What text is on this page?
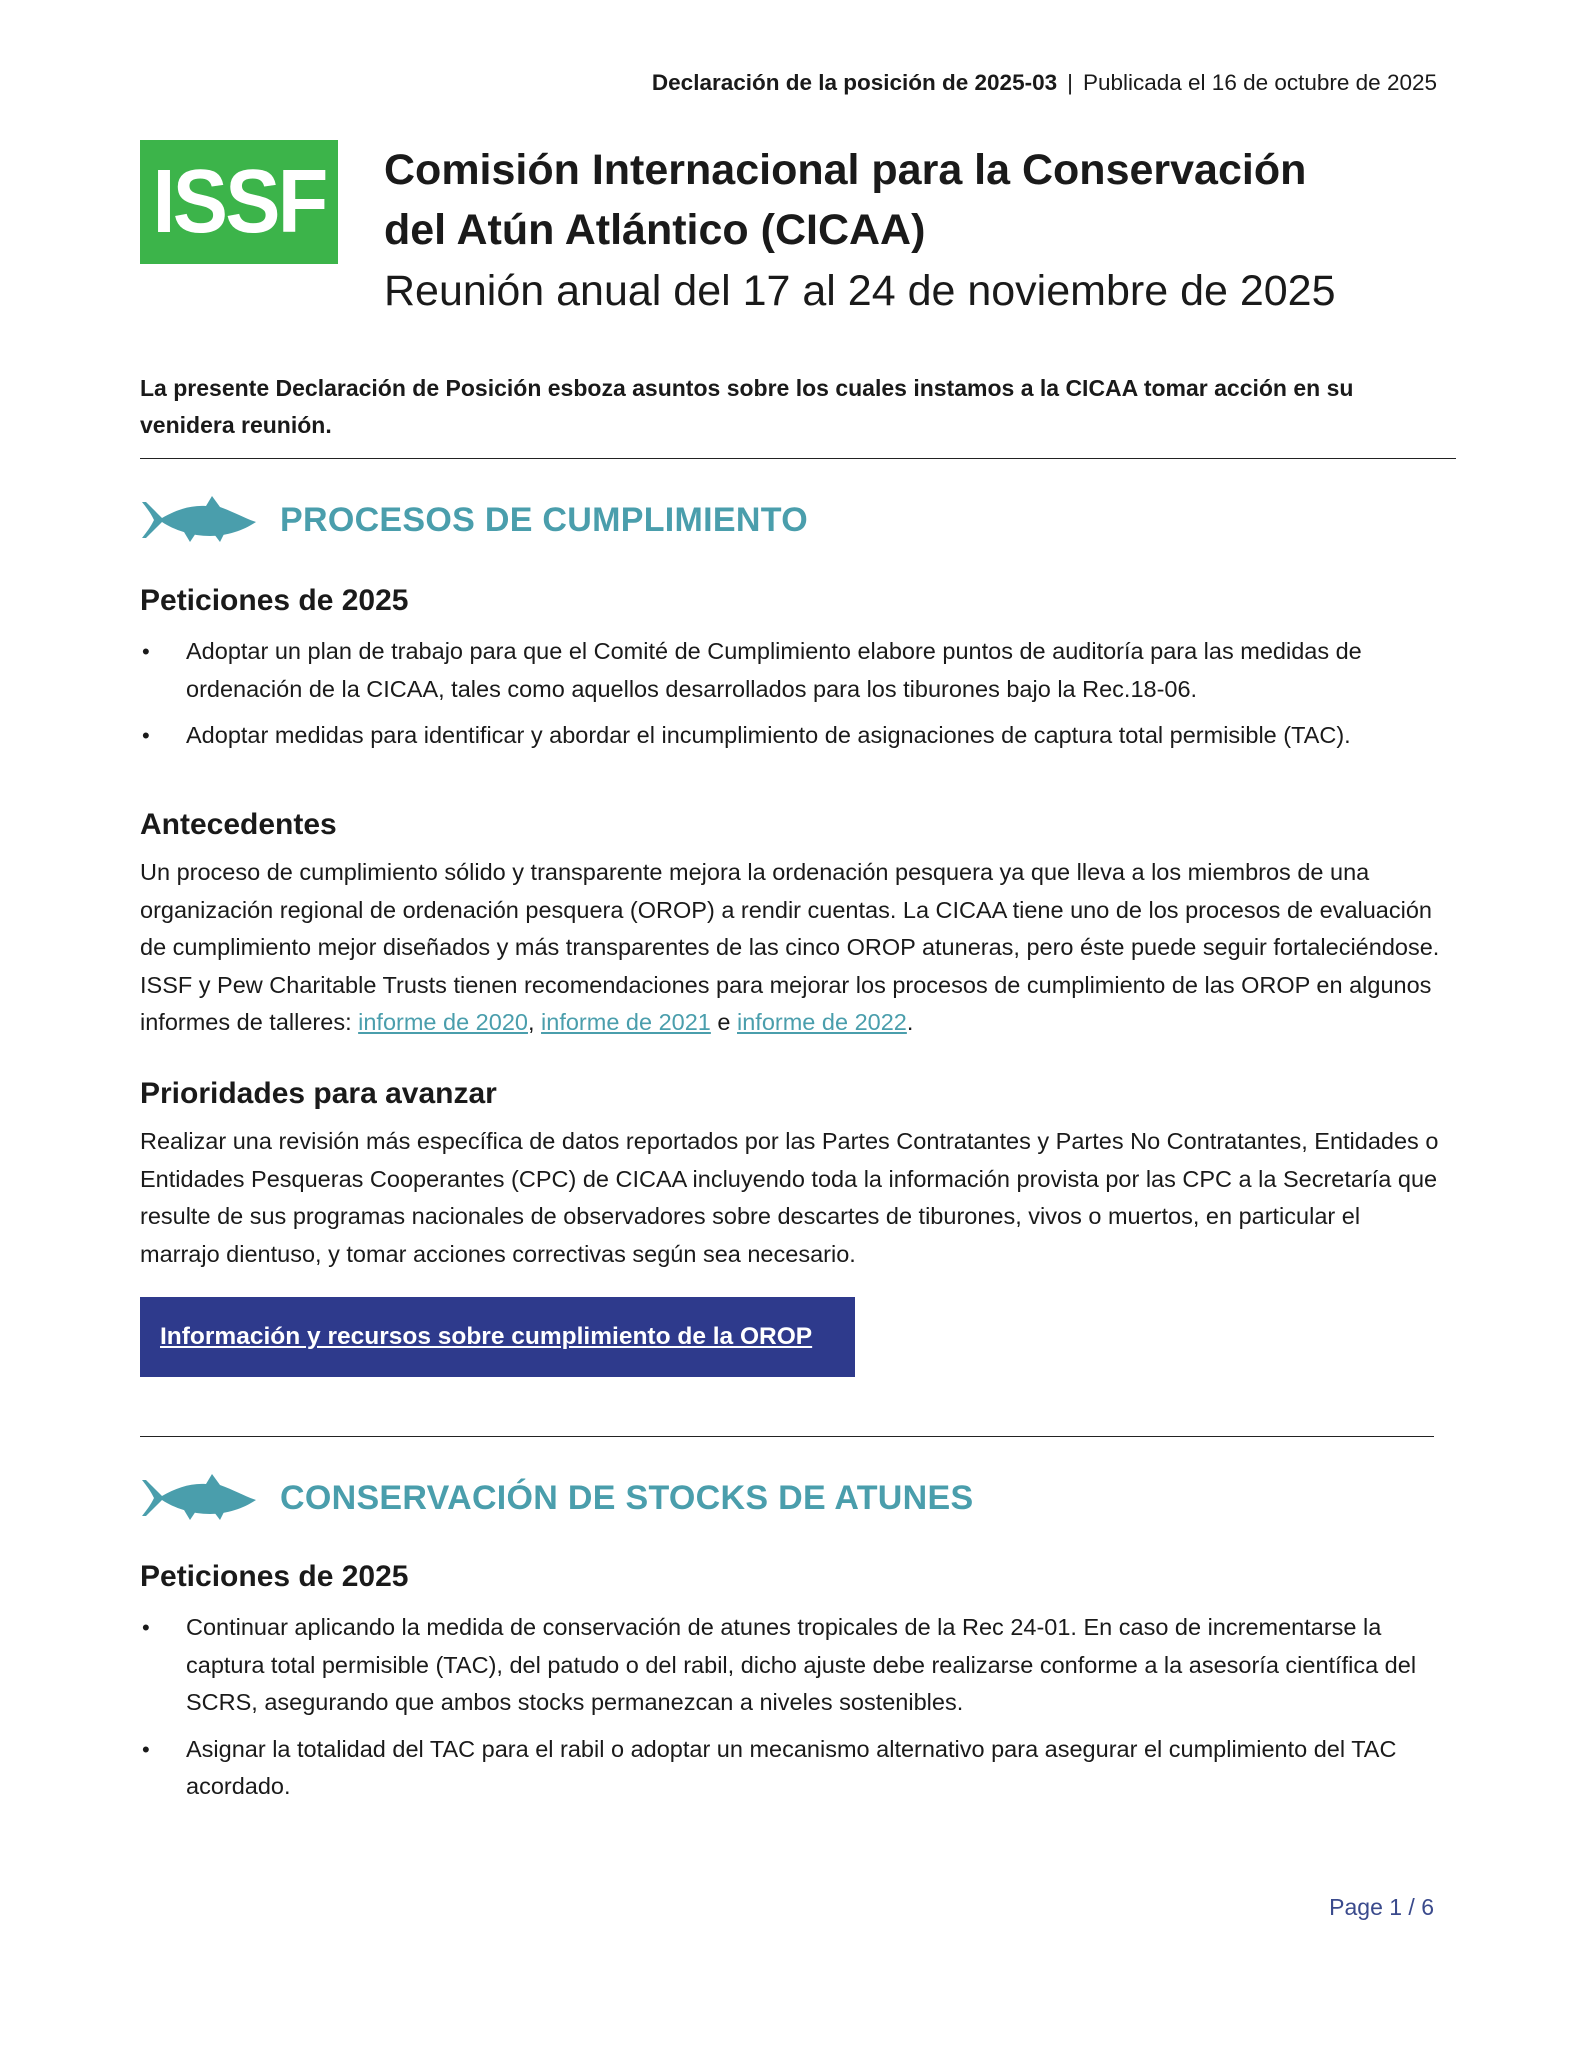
Declaración de la posición de 2025-03 | Publicada el 16 de octubre de 2025
ISSF Comisión Internacional para la Conservación
del Atún Atlántico (CICAA)
Reunión anual del 17 al 24 de noviembre de 2025
La presente Declaración de Posición esboza asuntos sobre los cuales instamos a la CICAA tomar acción en su venidera reunión.
PROCESOS DE CUMPLIMIENTO
Peticiones de 2025
• Adoptar un plan de trabajo para que el Comité de Cumplimiento elabore puntos de auditoría para las medidas de ordenación de la CICAA, tales como aquellos desarrollados para los tiburones bajo la Rec.18-06.
• Adoptar medidas para identificar y abordar el incumplimiento de asignaciones de captura total permisible (TAC).
Antecedentes
Un proceso de cumplimiento sólido y transparente mejora la ordenación pesquera ya que lleva a los miembros de una organización regional de ordenación pesquera (OROP) a rendir cuentas. La CICAA tiene uno de los procesos de evaluación de cumplimiento mejor diseñados y más transparentes de las cinco OROP atuneras, pero éste puede seguir fortaleciéndose. ISSF y Pew Charitable Trusts tienen recomendaciones para mejorar los procesos de cumplimiento de las OROP en algunos informes de talleres: informe de 2020, informe de 2021 e informe de 2022.
Prioridades para avanzar
Realizar una revisión más específica de datos reportados por las Partes Contratantes y Partes No Contratantes, Entidades o Entidades Pesqueras Cooperantes (CPC) de CICAA incluyendo toda la información provista por las CPC a la Secretaría que resulte de sus programas nacionales de observadores sobre descartes de tiburones, vivos o muertos, en particular el marrajo dientuso, y tomar acciones correctivas según sea necesario.
Información y recursos sobre cumplimiento de la OROP
CONSERVACIÓN DE STOCKS DE ATUNES
Peticiones de 2025
• Continuar aplicando la medida de conservación de atunes tropicales de la Rec 24-01. En caso de incrementarse la captura total permisible (TAC), del patudo o del rabil, dicho ajuste debe realizarse conforme a la asesoría científica del SCRS, asegurando que ambos stocks permanezcan a niveles sostenibles.
• Asignar la totalidad del TAC para el rabil o adoptar un mecanismo alternativo para asegurar el cumplimiento del TAC acordado.
Page 1 / 6
